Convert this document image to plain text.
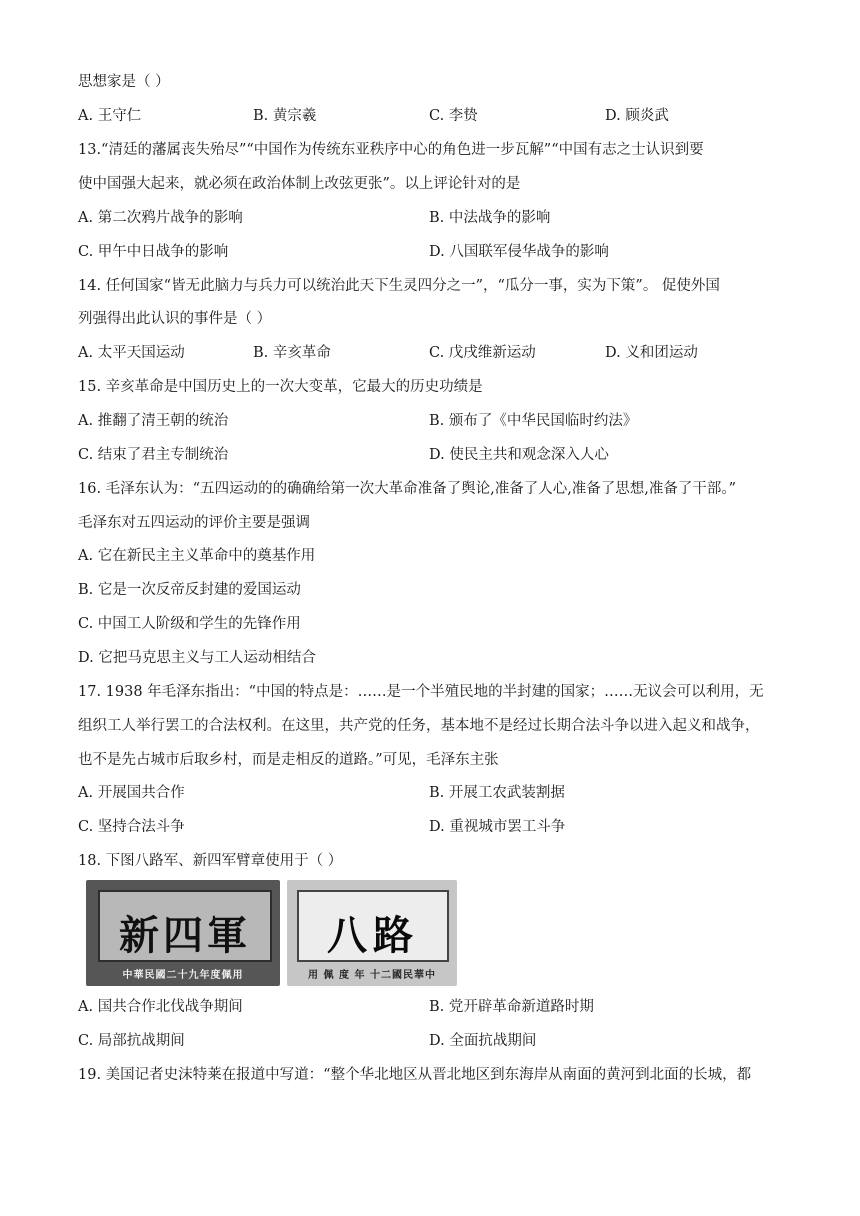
思想家是（ ）
A. 王守仁	B. 黄宗羲	C. 李贽	D. 顾炎武
13.“清廷的藩属丧失殆尽”“中国作为传统东亚秩序中心的角色进一步瓦解”“中国有志之士认识到要
使中国强大起来，就必须在政治体制上改弦更张”。以上评论针对的是
A. 第二次鸦片战争的影响	B. 中法战争的影响
C. 甲午中日战争的影响	D. 八国联军侵华战争的影响
14. 任何国家“皆无此脑力与兵力可以统治此天下生灵四分之一”，“瓜分一事，实为下策”。 促使外国
列强得出此认识的事件是（ ）
A. 太平天国运动	B. 辛亥革命	C. 戊戌维新运动	D. 义和团运动
15. 辛亥革命是中国历史上的一次大变革，它最大的历史功绩是
A. 推翻了清王朝的统治	B. 颁布了《中华民国临时约法》
C. 结束了君主专制统治	D. 使民主共和观念深入人心
16. 毛泽东认为：“五四运动的的确确给第一次大革命准备了舆论,准备了人心,准备了思想,准备了干部。”
毛泽东对五四运动的评价主要是强调
A. 它在新民主主义革命中的奠基作用
B. 它是一次反帝反封建的爱国运动
C. 中国工人阶级和学生的先锋作用
D. 它把马克思主义与工人运动相结合
17. 1938 年毛泽东指出：“中国的特点是：……是一个半殖民地的半封建的国家；……无议会可以利用，无
组织工人举行罢工的合法权利。在这里，共产党的任务，基本地不是经过长期合法斗争以进入起义和战争，
也不是先占城市后取乡村，而是走相反的道路。”可见，毛泽东主张
A. 开展国共合作	B. 开展工农武装割据
C. 坚持合法斗争	D. 重视城市罢工斗争
18. 下图八路军、新四军臂章使用于（ ）
新四軍
中華民國二十九年度佩用
八路
用 佩 度 年 十二國民華中
A. 国共合作北伐战争期间	B. 党开辟革命新道路时期
C. 局部抗战期间	D. 全面抗战期间
19. 美国记者史沫特莱在报道中写道：“整个华北地区从晋北地区到东海岸从南面的黄河到北面的长城，都
